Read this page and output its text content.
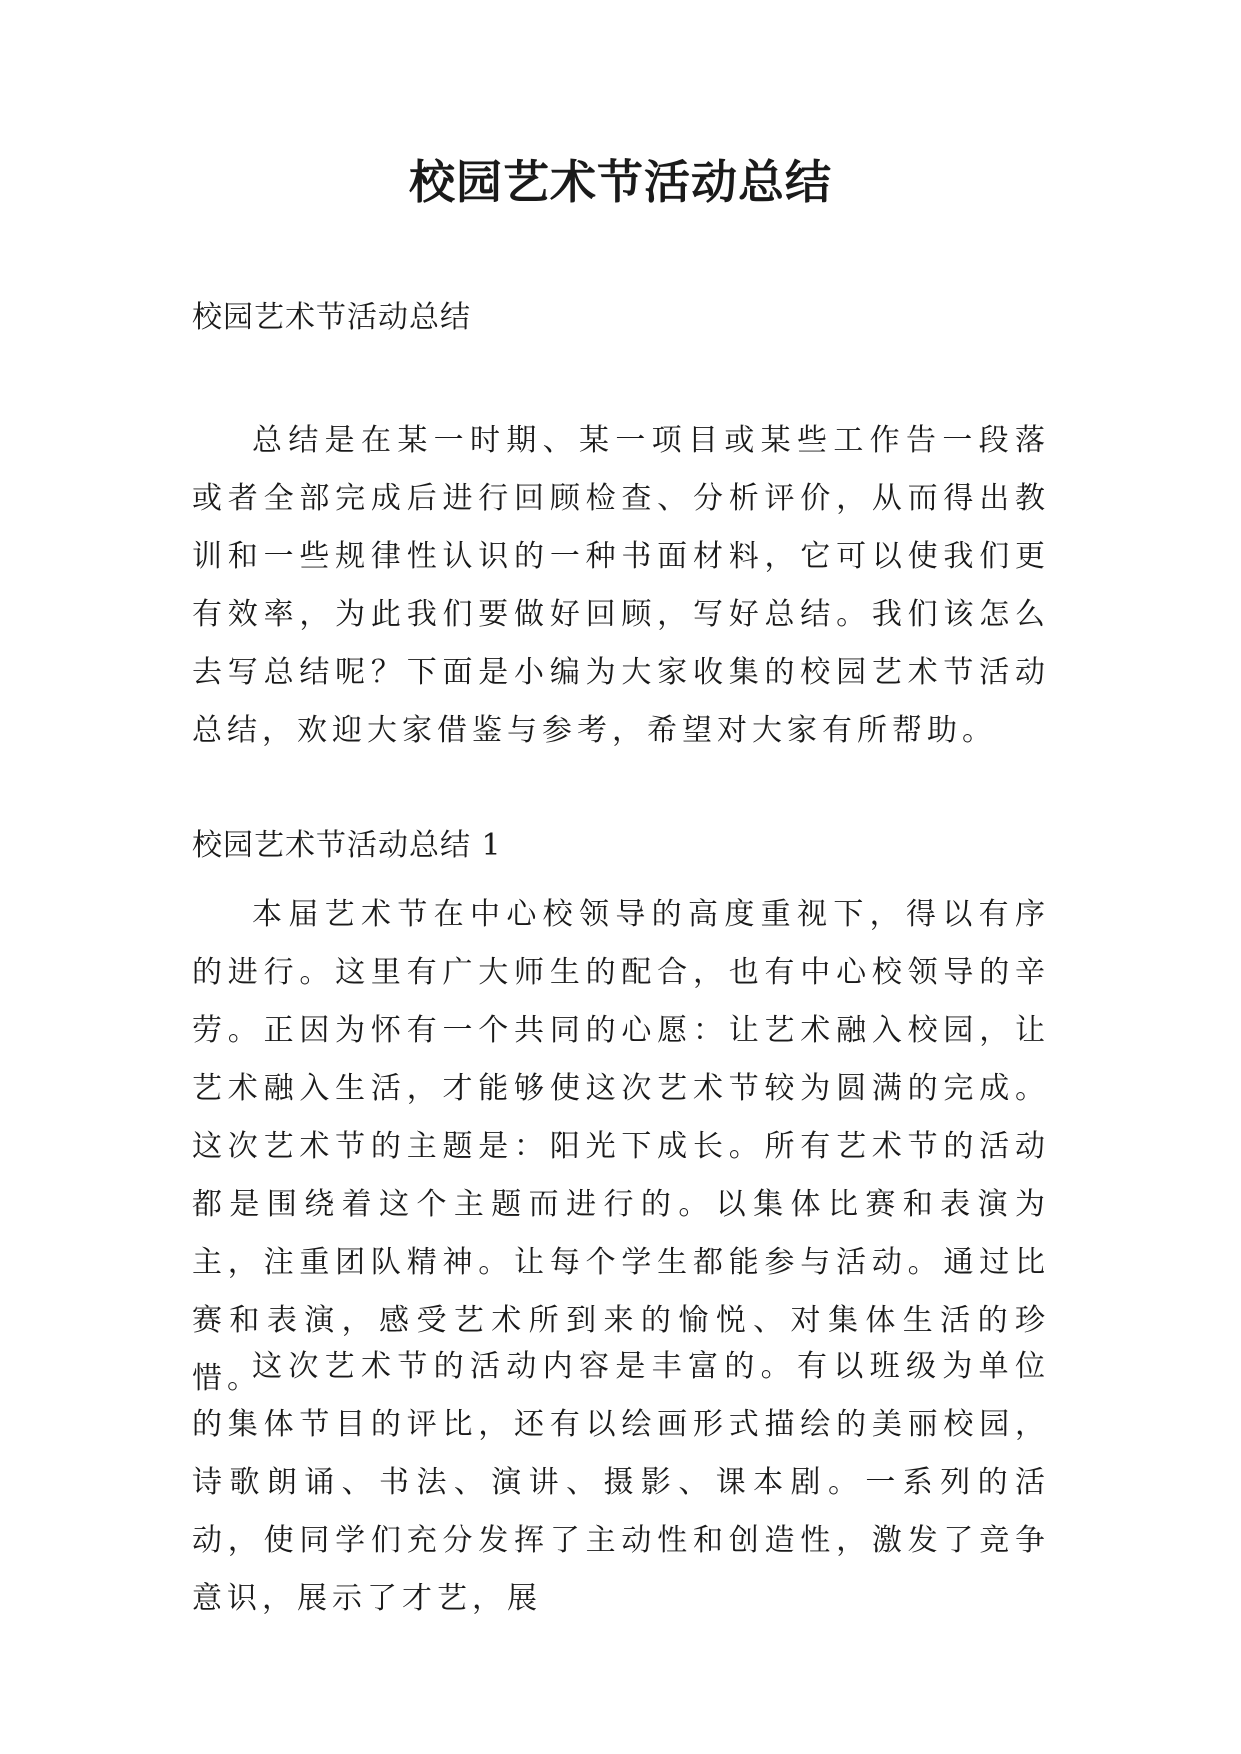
校园艺术节活动总结
校园艺术节活动总结

总结是在某一时期、某一项目或某些工作告一段落或者全部完成后进行回顾检查、分析评价，从而得出教训和一些规律性认识的一种书面材料，它可以使我们更有效率，为此我们要做好回顾，写好总结。我们该怎么去写总结呢？下面是小编为大家收集的校园艺术节活动总结，欢迎大家借鉴与参考，希望对大家有所帮助。

校园艺术节活动总结 1

本届艺术节在中心校领导的高度重视下，得以有序的进行。这里有广大师生的配合，也有中心校领导的辛劳。正因为怀有一个共同的心愿：让艺术融入校园，让艺术融入生活，才能够使这次艺术节较为圆满的完成。这次艺术节的主题是：阳光下成长。所有艺术节的活动都是围绕着这个主题而进行的。以集体比赛和表演为主，注重团队精神。让每个学生都能参与活动。通过比赛和表演，感受艺术所到来的愉悦、对集体生活的珍惜。

这次艺术节的活动内容是丰富的。有以班级为单位的集体节目的评比，还有以绘画形式描绘的美丽校园，诗歌朗诵、书法、演讲、摄影、课本剧。一系列的活动，使同学们充分发挥了主动性和创造性，激发了竞争意识，展示了才艺，展
